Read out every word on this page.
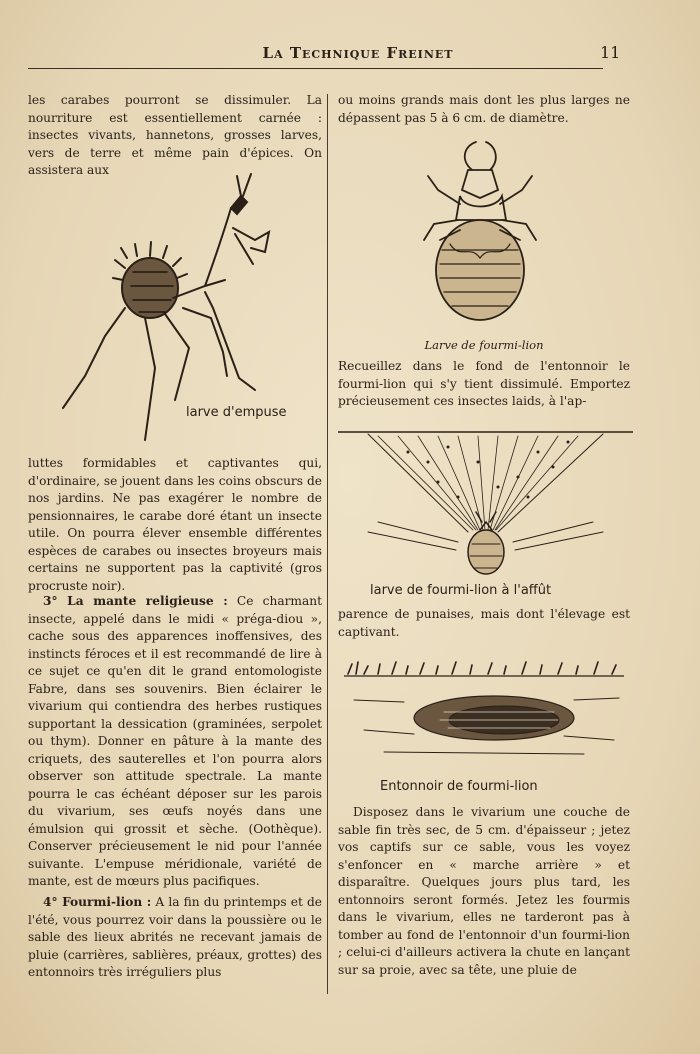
La Technique Freinet	11

les carabes pourront se dissimuler. La nourriture est essentiellement carnée : insectes vivants, hannetons, grosses larves, vers de terre et même pain d'épices. On assistera aux

larve d'empuse

luttes formidables et captivantes qui, d'ordinaire, se jouent dans les coins obscurs de nos jardins. Ne pas exagérer le nombre de pensionnaires, le carabe doré étant un insecte utile. On pourra élever ensemble différentes espèces de carabes ou insectes broyeurs mais certains ne supportent pas la captivité (gros procruste noir).

3° La mante religieuse : Ce charmant insecte, appelé dans le midi « prégа-diou », cache sous des apparences inoffensives, des instincts féroces et il est recommandé de lire à ce sujet ce qu'en dit le grand entomologiste Fabre, dans ses souvenirs. Bien éclairer le vivarium qui contiendra des herbes rustiques supportant la dessication (graminées, serpolet ou thym). Donner en pâture à la mante des criquets, des sauterelles et l'on pourra alors observer son attitude spectrale. La mante pourra le cas échéant déposer sur les parois du vivarium, ses œufs noyés dans une émulsion qui grossit et sèche. (Oothèque). Conserver précieusement le nid pour l'année suivante. L'empuse méridionale, variété de mante, est de mœurs plus pacifiques.

4° Fourmi-lion : A la fin du printemps et de l'été, vous pourrez voir dans la poussière ou le sable des lieux abrités ne recevant jamais de pluie (carrières, sablières, préaux, grottes) des entonnoirs très irréguliers plus

ou moins grands mais dont les plus larges ne dépassent pas 5 à 6 cm. de diamètre.

Larve de fourmi-lion

Recueillez dans le fond de l'entonnoir le fourmi-lion qui s'y tient dissimulé. Emportez précieusement ces insectes laids, à l'ap-

larve de fourmi-lion à l'affût

parence de punaises, mais dont l'élevage est captivant.

Entonnoir de fourmi-lion

Disposez dans le vivarium une couche de sable fin très sec, de 5 cm. d'épaisseur ; jetez vos captifs sur ce sable, vous les voyez s'enfoncer en « marche arrière » et disparaître. Quelques jours plus tard, les entonnoirs seront formés. Jetez les fourmis dans le vivarium, elles ne tarderont pas à tomber au fond de l'entonnoir d'un fourmi-lion ; celui-ci d'ailleurs activera la chute en lançant sur sa proie, avec sa tête, une pluie de
